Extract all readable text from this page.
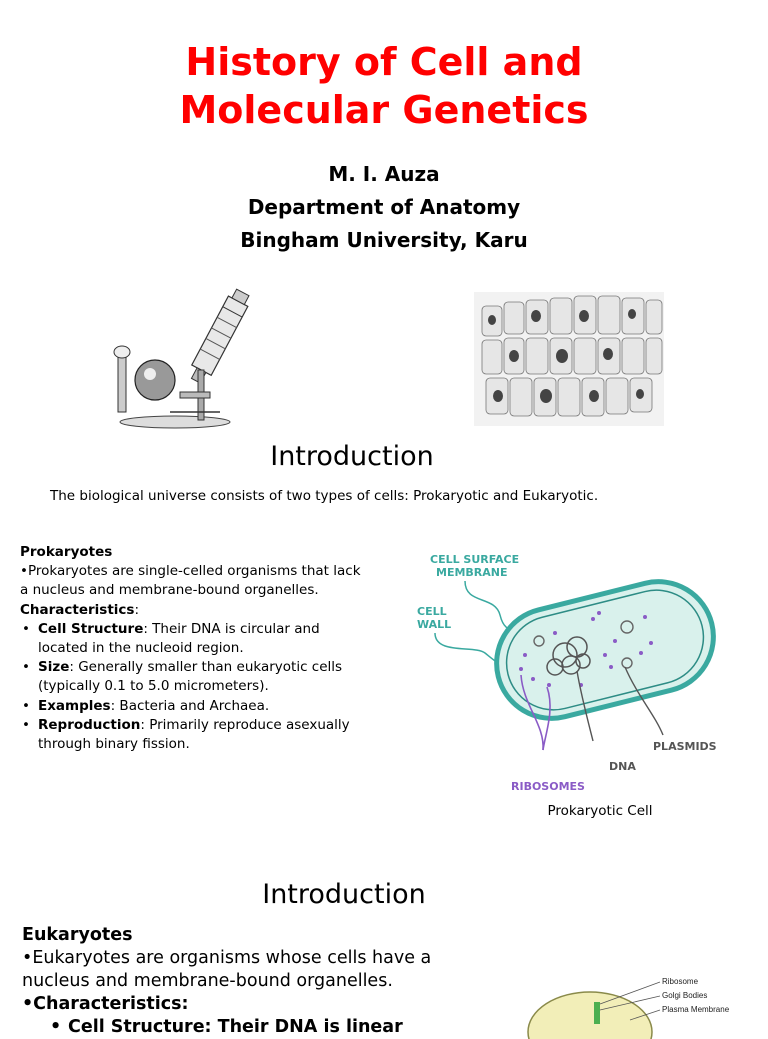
History of Cell and
Molecular Genetics
M. I. Auza
Department of Anatomy
Bingham University, Karu
Introduction

The biological universe consists of two types of cells: Prokaryotic and Eukaryotic.

Prokaryotes
•Prokaryotes are single-celled organisms that lack a nucleus and membrane-bound organelles.
Characteristics:
• Cell Structure: Their DNA is circular and located in the nucleoid region.
• Size: Generally smaller than eukaryotic cells (typically 0.1 to 5.0 micrometers).
• Examples: Bacteria and Archaea.
• Reproduction: Primarily reproduce asexually through binary fission.
CELL SURFACE
MEMBRANE
CELL
WALL
PLASMIDS
DNA
RIBOSOMES
Prokaryotic Cell
Introduction
Eukaryotes
•Eukaryotes are organisms whose cells have a nucleus and membrane-bound organelles.
•Characteristics:
• Cell Structure: Their DNA is linear
Ribosome
Golgi Bodies
Plasma Membrane
